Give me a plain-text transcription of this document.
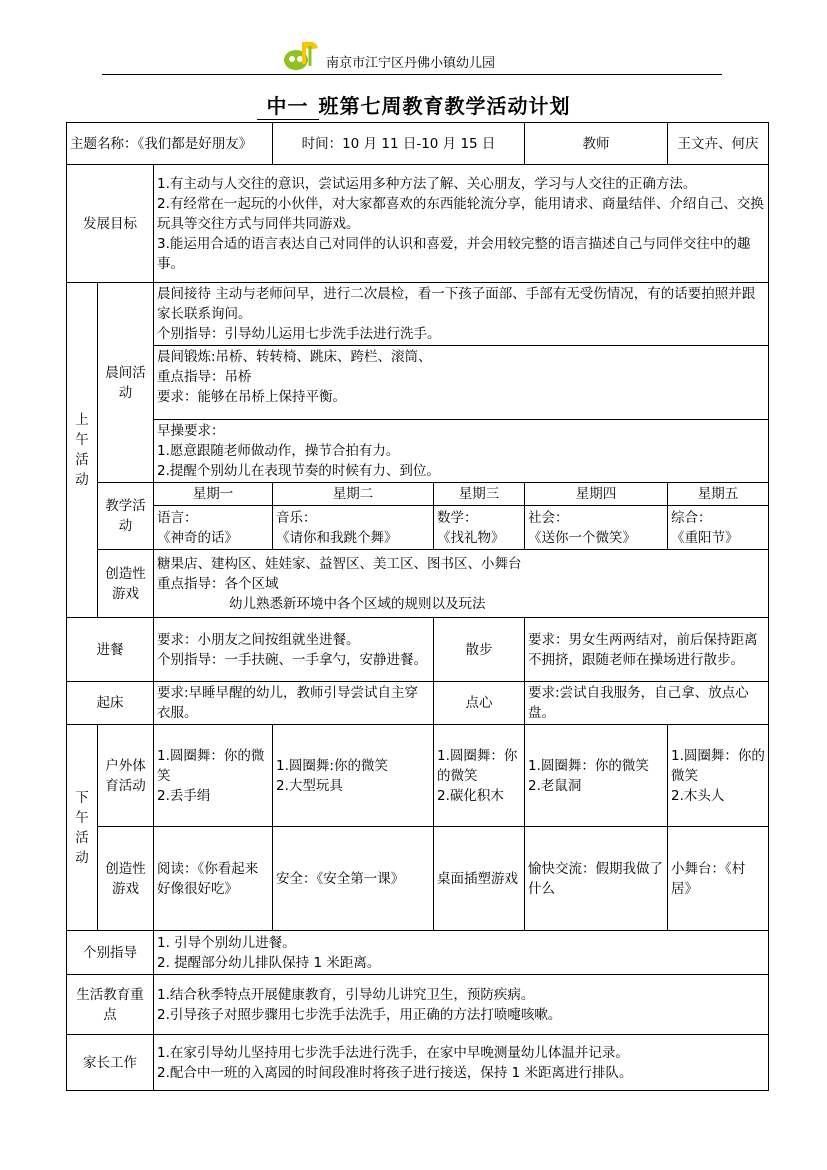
南京市江宁区丹佛小镇幼儿园
中一 班第七周教育教学活动计划
主题名称：《我们都是好朋友》			时间：10 月 11 日-10 月 15 日		教师	王文卉、何庆
发展目标		1.有主动与人交往的意识，尝试运用多种方法了解、关心朋友，学习与人交往的正确方法。
2.有经常在一起玩的小伙伴，对大家都喜欢的东西能轮流分享，能用请求、商量结伴、介绍自己、交换玩具等交往方式与同伴共同游戏。
3.能运用合适的语言表达自己对同伴的认识和喜爱，并会用较完整的语言描述自己与同伴交往中的趣事。				

上午活动	晨间活动	晨间接待 主动与老师问早，进行二次晨检，看一下孩子面部、手部有无受伤情况，有的话要拍照并跟家长联系询问。
个别指导：引导幼儿运用七步洗手法进行洗手。				

		晨间锻炼:吊桥、转转椅、跳床、跨栏、滚筒、
重点指导：吊桥
要求：能够在吊桥上保持平衡。				

		早操要求：
1.愿意跟随老师做动作，操节合拍有力。
2.提醒个别幼儿在表现节奏的时候有力、到位。				

	教学活动	星期一	星期二	星期三	星期四	星期五

		语言：
《神奇的话》	音乐：
《请你和我跳个舞》	数学：
《找礼物》	社会：
《送你一个微笑》	综合：
《重阳节》

	创造性游戏	糖果店、建构区、娃娃家、益智区、美工区、图书区、小舞台
重点指导：各个区域
幼儿熟悉新环境中各个区域的规则以及玩法				

进餐		要求：小朋友之间按组就坐进餐。
个别指导：一手扶碗、一手拿勺，安静进餐。		散步	要求：男女生两两结对，前后保持距离不拥挤，跟随老师在操场进行散步。	
起床		要求:早睡早醒的幼儿，教师引导尝试自主穿衣服。		点心	要求:尝试自我服务，自己拿、放点心盘。	
下午活动	户外体育活动	1.圆圈舞：你的微笑
2.丢手绢	1.圆圈舞:你的微笑
2.大型玩具	1.圆圈舞：你的微笑
2.碳化积木	1.圆圈舞：你的微笑
2.老鼠洞	1.圆圈舞：你的微笑
2.木头人

	创造性游戏	阅读：《你看起来好像很好吃》	安全：《安全第一课》	桌面插塑游戏	愉快交流：假期我做了什么	小舞台：《村居》
个别指导		1. 引导个别幼儿进餐。
2. 提醒部分幼儿排队保持 1 米距离。				

生活教育重 点		1.结合秋季特点开展健康教育，引导幼儿讲究卫生，预防疾病。
2.引导孩子对照步骤用七步洗手法洗手，用正确的方法打喷嚏咳嗽。				

家长工作		1.在家引导幼儿坚持用七步洗手法进行洗手，在家中早晚测量幼儿体温并记录。
2.配合中一班的入离园的时间段准时将孩子进行接送，保持 1 米距离进行排队。				
